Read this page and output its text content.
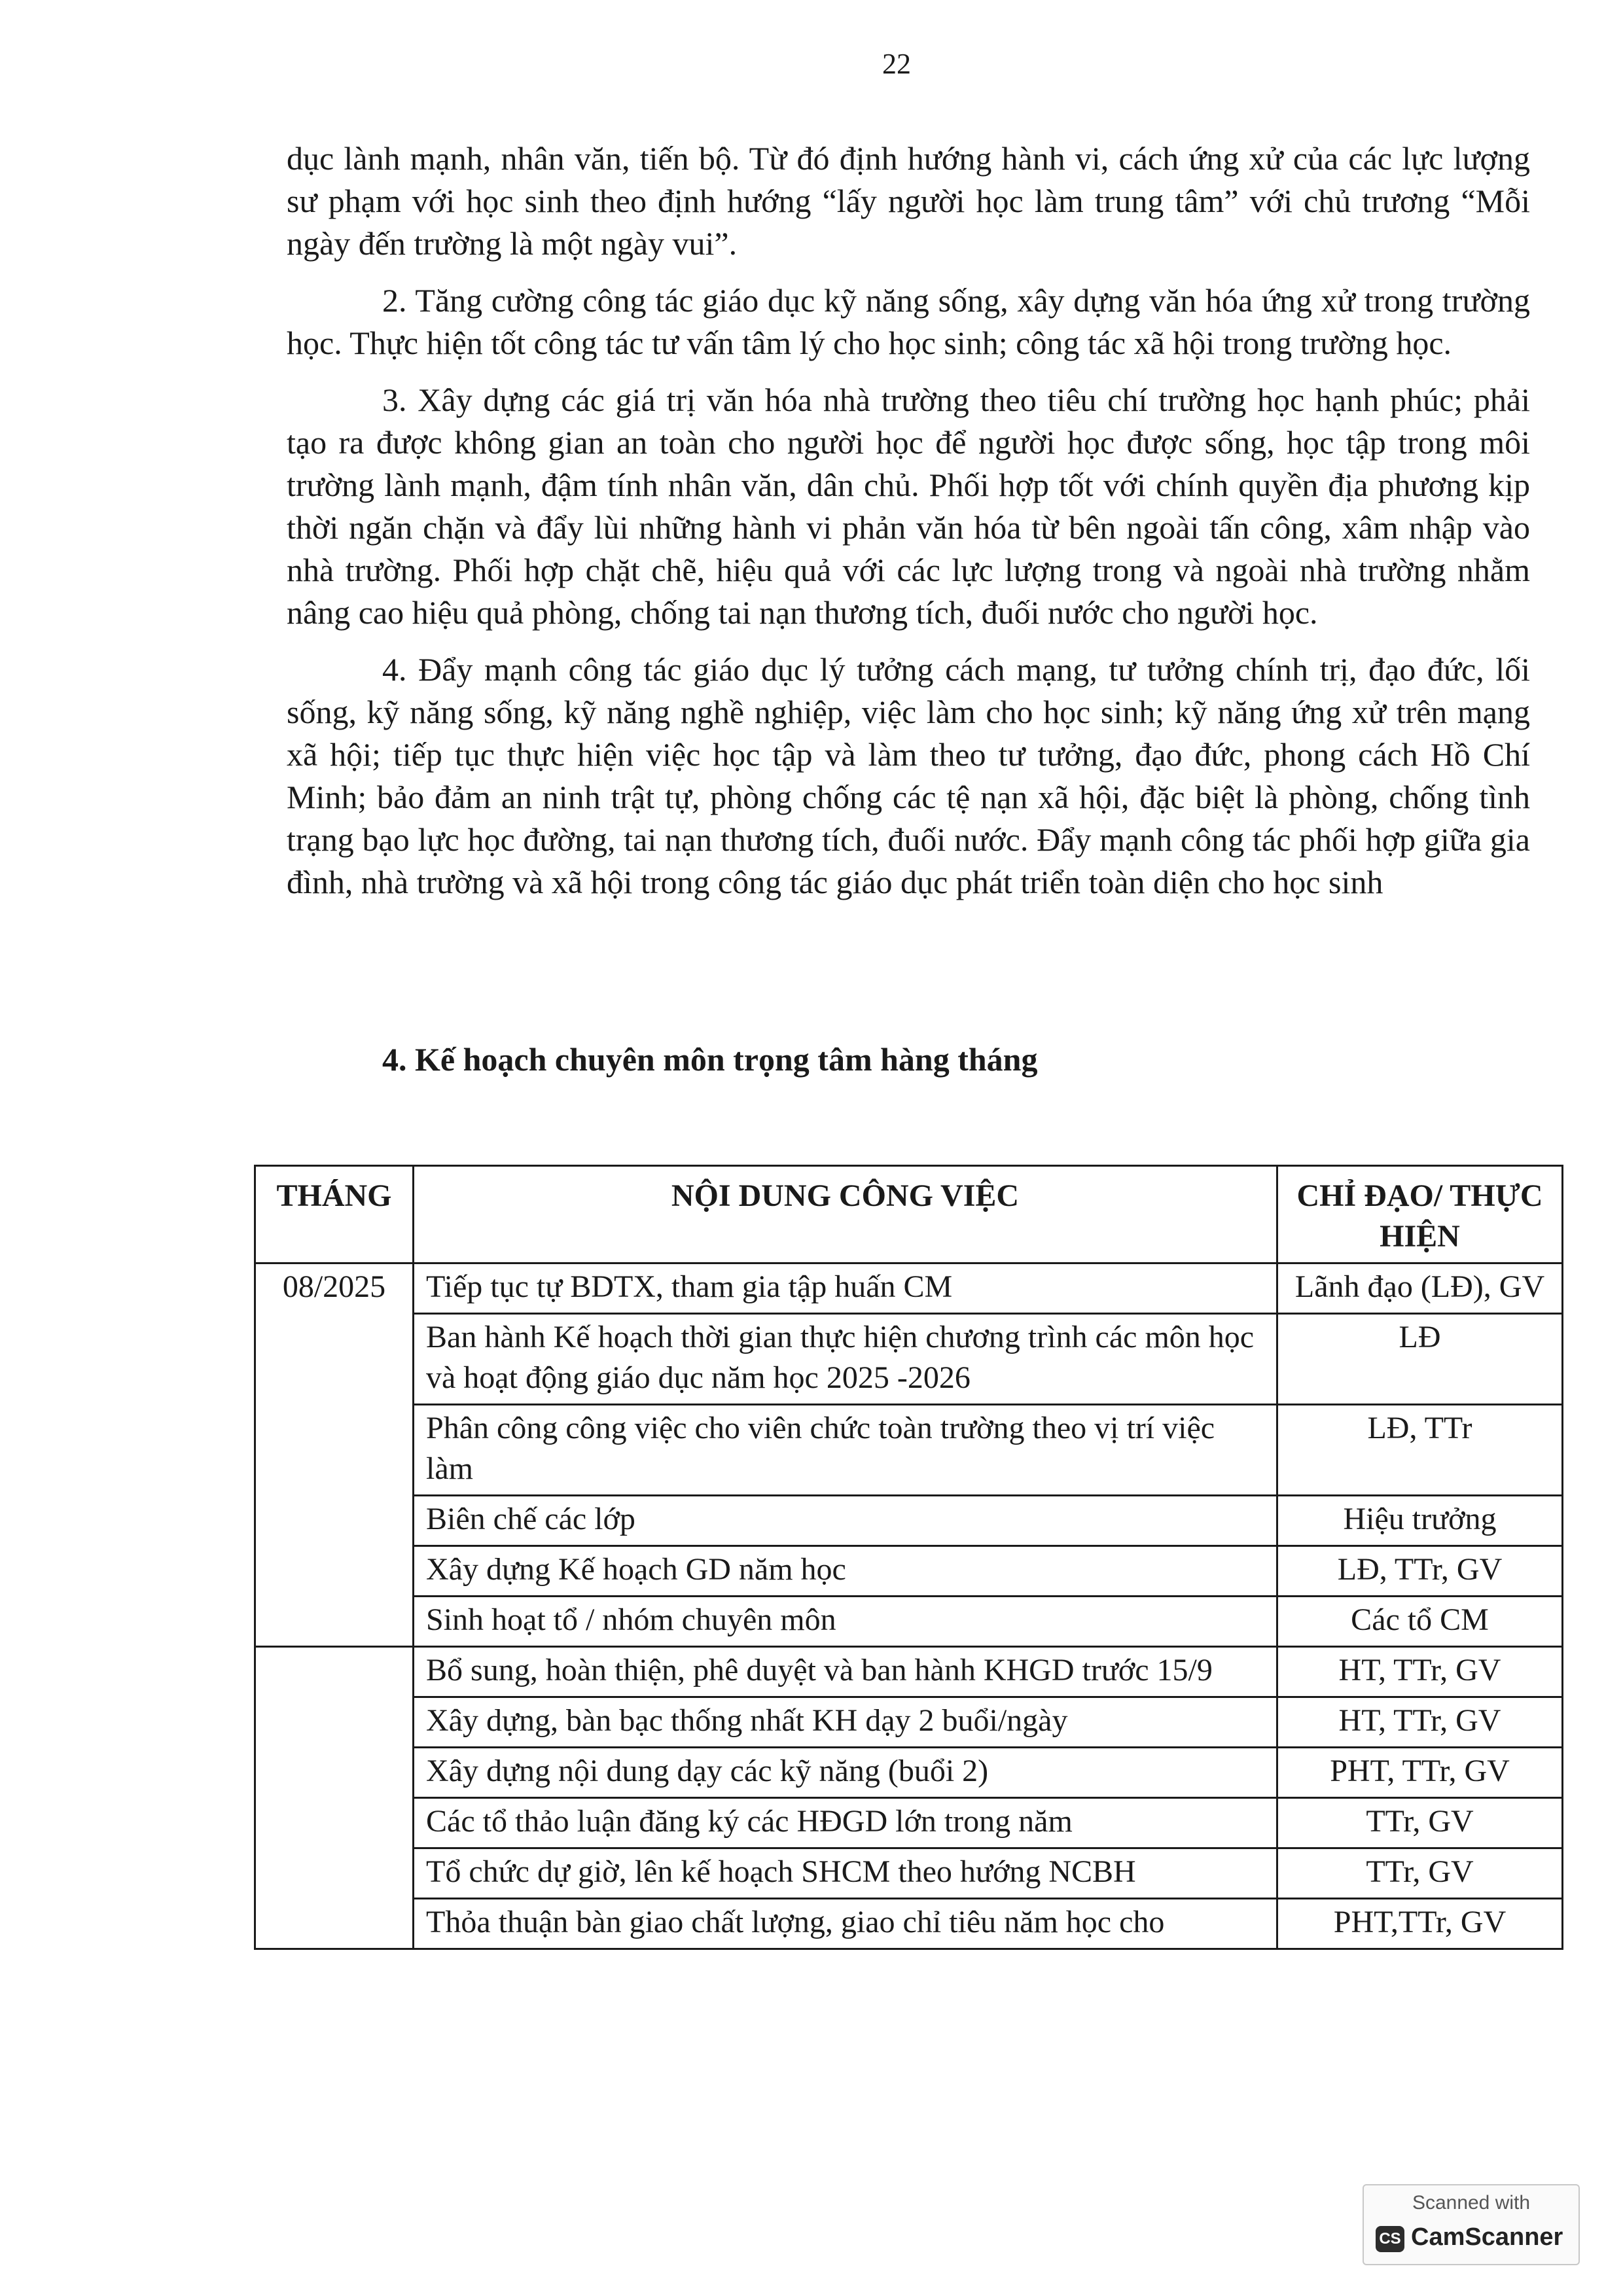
22

dục lành mạnh, nhân văn, tiến bộ. Từ đó định hướng hành vi, cách ứng xử của các lực lượng sư phạm với học sinh theo định hướng “lấy người học làm trung tâm” với chủ trương “Mỗi ngày đến trường là một ngày vui”.

2. Tăng cường công tác giáo dục kỹ năng sống, xây dựng văn hóa ứng xử trong trường học. Thực hiện tốt công tác tư vấn tâm lý cho học sinh; công tác xã hội trong trường học.

3. Xây dựng các giá trị văn hóa nhà trường theo tiêu chí trường học hạnh phúc; phải tạo ra được không gian an toàn cho người học để người học được sống, học tập trong môi trường lành mạnh, đậm tính nhân văn, dân chủ. Phối hợp tốt với chính quyền địa phương kịp thời ngăn chặn và đẩy lùi những hành vi phản văn hóa từ bên ngoài tấn công, xâm nhập vào nhà trường. Phối hợp chặt chẽ, hiệu quả với các lực lượng trong và ngoài nhà trường nhằm nâng cao hiệu quả phòng, chống tai nạn thương tích, đuối nước cho người học.

4. Đẩy mạnh công tác giáo dục lý tưởng cách mạng, tư tưởng chính trị, đạo đức, lối sống, kỹ năng sống, kỹ năng nghề nghiệp, việc làm cho học sinh; kỹ năng ứng xử trên mạng xã hội; tiếp tục thực hiện việc học tập và làm theo tư tưởng, đạo đức, phong cách Hồ Chí Minh; bảo đảm an ninh trật tự, phòng chống các tệ nạn xã hội, đặc biệt là phòng, chống tình trạng bạo lực học đường, tai nạn thương tích, đuối nước. Đẩy mạnh công tác phối hợp giữa gia đình, nhà trường và xã hội trong công tác giáo dục phát triển toàn diện cho học sinh

4. Kế hoạch chuyên môn trọng tâm hàng tháng
THÁNG	NỘI DUNG CÔNG VIỆC	CHỈ ĐẠO/ THỰC HIỆN
08/2025	Tiếp tục tự BDTX, tham gia tập huấn CM	Lãnh đạo (LĐ), GV
	Ban hành Kế hoạch thời gian thực hiện chương trình các môn học và hoạt động giáo dục năm học 2025 -2026	LĐ
	Phân công công việc cho viên chức toàn trường theo vị trí việc làm	LĐ, TTr
	Biên chế các lớp	Hiệu trưởng
	Xây dựng Kế hoạch GD năm học	LĐ, TTr, GV
	Sinh hoạt tổ / nhóm chuyên môn	Các tổ CM
	Bổ sung, hoàn thiện, phê duyệt và ban hành KHGD trước 15/9	HT, TTr, GV
	Xây dựng, bàn bạc thống nhất KH dạy 2 buổi/ngày	HT, TTr, GV
	Xây dựng nội dung dạy các kỹ năng (buổi 2)	PHT, TTr, GV
	Các tổ thảo luận đăng ký các HĐGD lớn trong năm	TTr, GV
	Tổ chức dự giờ, lên kế hoạch SHCM theo hướng NCBH	TTr, GV
	Thỏa thuận bàn giao chất lượng, giao chỉ tiêu năm học cho	PHT,TTr, GV
Scanned with
CS CamScanner
